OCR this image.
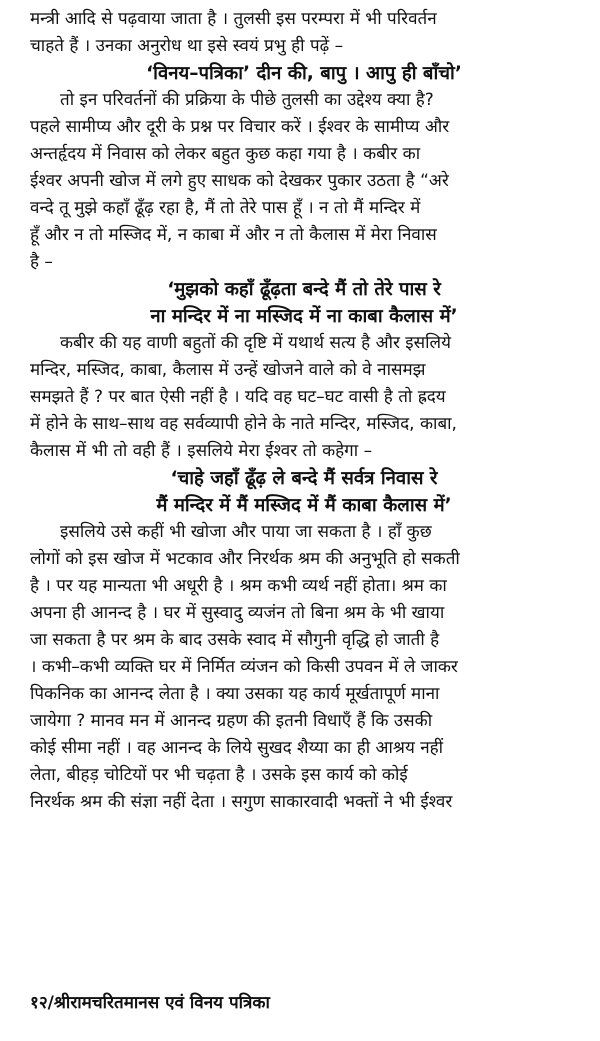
मन्त्री आदि से पढ़वाया जाता है । तुलसी इस परम्परा में भी परिवर्तन
चाहते हैं । उनका अनुरोध था इसे स्वयं प्रभु ही पढ़ें –

‘विनय–पत्रिका’ दीन की, बापु । आपु ही बाँचो’

तो इन परिवर्तनों की प्रक्रिया के पीछे तुलसी का उद्देश्य क्या है?
पहले सामीप्य और दूरी के प्रश्न पर विचार करें । ईश्वर के सामीप्य और
अन्तर्हृदय में निवास को लेकर बहुत कुछ कहा गया है । कबीर का
ईश्वर अपनी खोज में लगे हुए साधक को देखकर पुकार उठता है “अरे
वन्दे तू मुझे कहाँ ढूँढ़ रहा है, मैं तो तेरे पास हूँ । न तो मैं मन्दिर में
हूँ और न तो मस्जिद में, न काबा में और न तो कैलास में मेरा निवास
है –

‘मुझको कहाँ ढूँढ़ता बन्दे मैं तो तेरे पास रे

ना मन्दिर में ना मस्जिद में ना काबा कैलास में’

कबीर की यह वाणी बहुतों की दृष्टि में यथार्थ सत्य है और इसलिये
मन्दिर, मस्जिद, काबा, कैलास में उन्हें खोजने वाले को वे नासमझ
समझते हैं ? पर बात ऐसी नहीं है । यदि वह घट–घट वासी है तो ह्रदय
में होने के साथ–साथ वह सर्वव्यापी होने के नाते मन्दिर, मस्जिद, काबा,
कैलास में भी तो वही हैं । इसलिये मेरा ईश्वर तो कहेगा –

‘चाहे जहाँ ढूँढ़ ले बन्दे मैं सर्वत्र निवास रे

मैं मन्दिर में मैं मस्जिद में मैं काबा कैलास में’

इसलिये उसे कहीं भी खोजा और पाया जा सकता है । हाँ कुछ
लोगों को इस खोज में भटकाव और निरर्थक श्रम की अनुभूति हो सकती
है । पर यह मान्यता भी अधूरी है । श्रम कभी व्यर्थ नहीं होता। श्रम का
अपना ही आनन्द है । घर में सुस्वादु व्यजंन तो बिना श्रम के भी खाया
जा सकता है पर श्रम के बाद उसके स्वाद में सौगुनी वृद्धि हो जाती है
। कभी–कभी व्यक्ति घर में निर्मित व्यंजन को किसी उपवन में ले जाकर
पिकनिक का आनन्द लेता है । क्या उसका यह कार्य मूर्खतापूर्ण माना
जायेगा ? मानव मन में आनन्द ग्रहण की इतनी विधाएँ हैं कि उसकी
कोई सीमा नहीं । वह आनन्द के लिये सुखद शैय्या का ही आश्रय नहीं
लेता, बीहड़ चोटियों पर भी चढ़ता है । उसके इस कार्य को कोई
निरर्थक श्रम की संज्ञा नहीं देता । सगुण साकारवादी भक्तों ने भी ईश्वर

१२/श्रीरामचरितमानस एवं विनय पत्रिका
